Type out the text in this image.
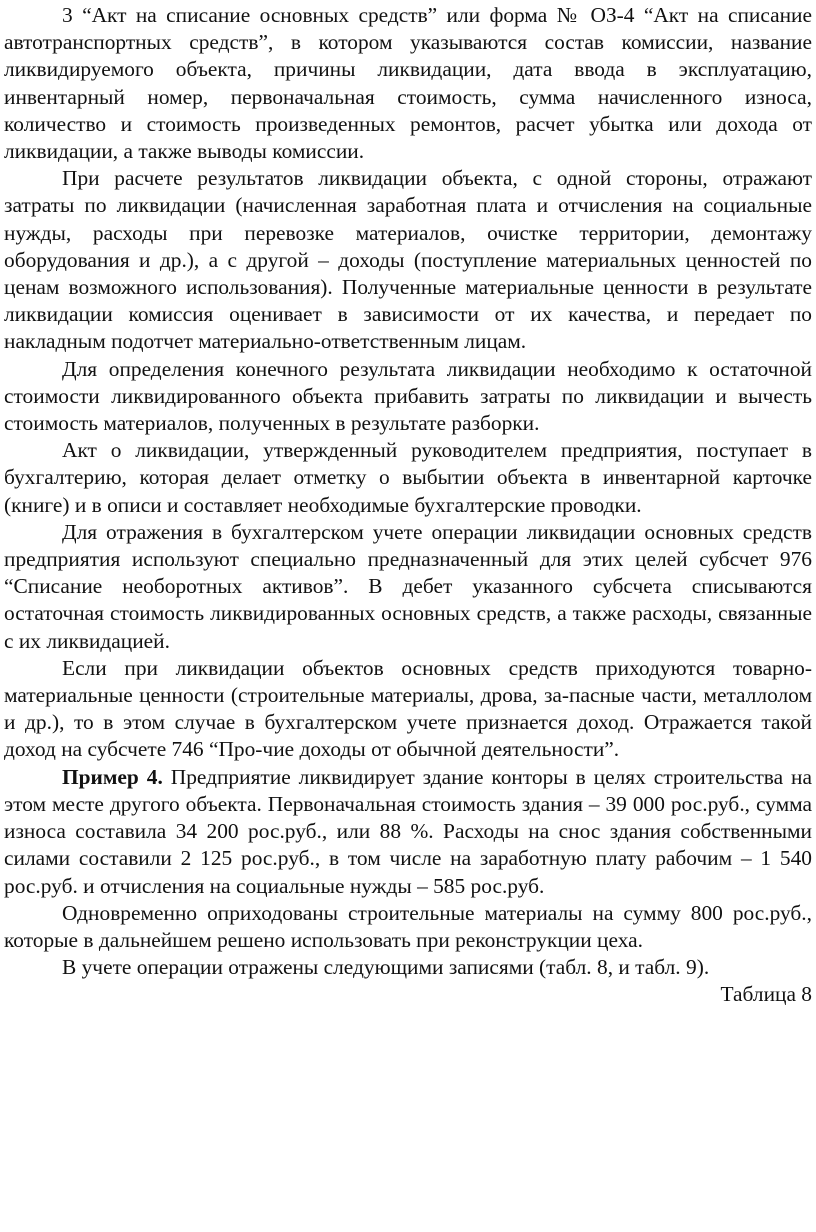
3 “Акт на списание основных средств” или форма № ОЗ-4 “Акт на списание автотранспортных средств”, в котором указываются состав комиссии, название ликвидируемого объекта, причины ликвидации, дата ввода в эксплуатацию, инвентарный номер, первоначальная стоимость, сумма начисленного износа, количество и стоимость произведенных ремонтов, расчет убытка или дохода от ликвидации, а также выводы комиссии.

При расчете результатов ликвидации объекта, с одной стороны, отражают затраты по ликвидации (начисленная заработная плата и отчисления на социальные нужды, расходы при перевозке материалов, очистке территории, демонтажу оборудования и др.), а с другой – доходы (поступление материальных ценностей по ценам возможного использования). Полученные материальные ценности в результате ликвидации комиссия оценивает в зависимости от их качества, и передает по накладным подотчет материально-ответственным лицам.

Для определения конечного результата ликвидации необходимо к остаточной стоимости ликвидированного объекта прибавить затраты по ликвидации и вычесть стоимость материалов, полученных в результате разборки.

Акт о ликвидации, утвержденный руководителем предприятия, поступает в бухгалтерию, которая делает отметку о выбытии объекта в инвентарной карточке (книге) и в описи и составляет необходимые бухгалтерские проводки.

Для отражения в бухгалтерском учете операции ликвидации основных средств предприятия используют специально предназначенный для этих целей субсчет 976 “Списание необоротных активов”. В дебет указанного субсчета списываются остаточная стоимость ликвидированных основных средств, а также расходы, связанные с их ликвидацией.

Если при ликвидации объектов основных средств приходуются товарно-материальные ценности (строительные материалы, дрова, за-пасные части, металлолом и др.), то в этом случае в бухгалтерском учете признается доход. Отражается такой доход на субсчете 746 “Про-чие доходы от обычной деятельности”.

Пример 4. Предприятие ликвидирует здание конторы в целях строительства на этом месте другого объекта. Первоначальная стоимость здания – 39 000 рос.руб., сумма износа составила 34 200 рос.руб., или 88 %. Расходы на снос здания собственными силами составили 2 125 рос.руб., в том числе на заработную плату рабочим – 1 540 рос.руб. и отчисления на социальные нужды – 585 рос.руб.

Одновременно оприходованы строительные материалы на сумму 800 рос.руб., которые в дальнейшем решено использовать при реконструкции цеха.

В учете операции отражены следующими записями (табл. 8, и табл. 9).

Таблица 8
